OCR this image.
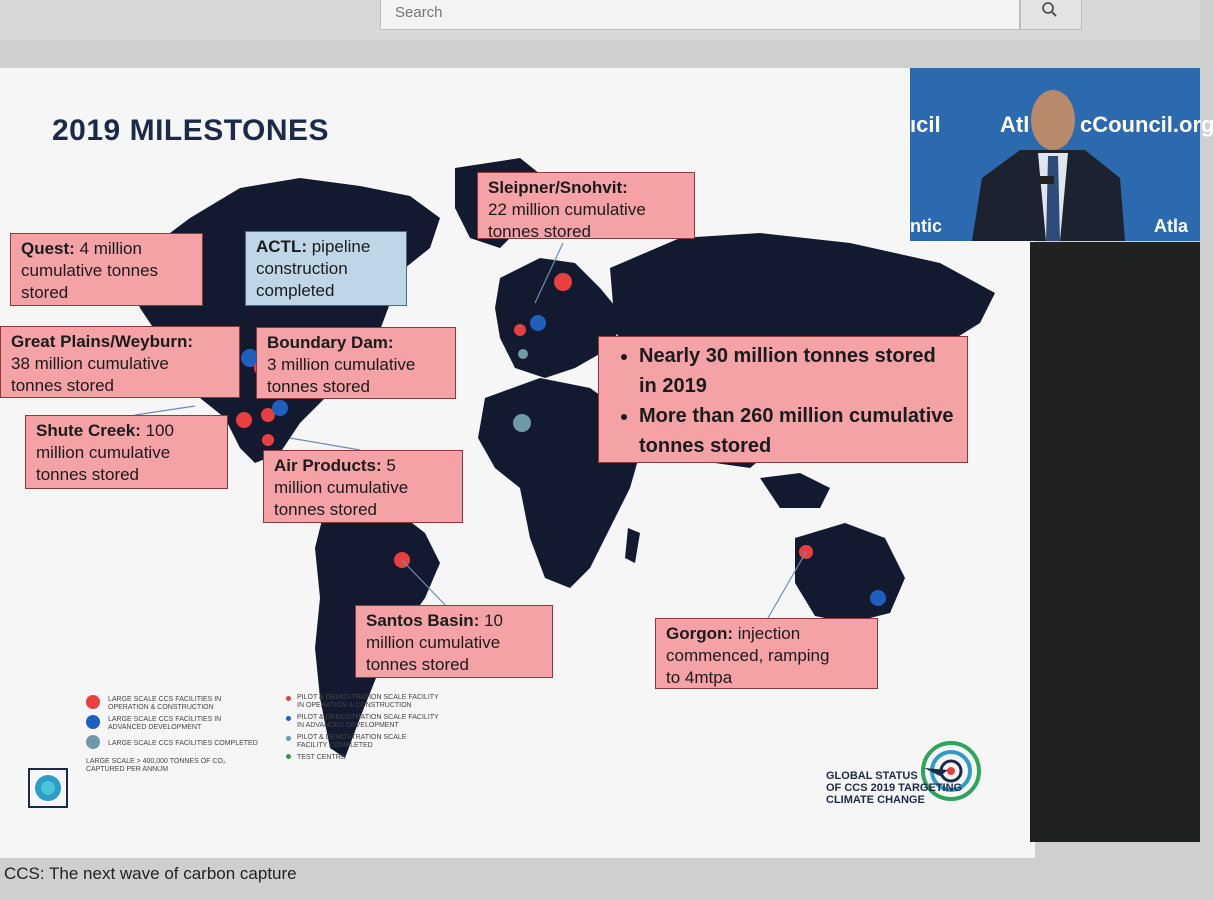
Search
2019 MILESTONES
Sleipner/Snohvit:
22 million cumulative
tonnes stored
Quest: 4 million
cumulative tonnes
stored
ACTL: pipeline
construction
completed
Great Plains/Weyburn:
38 million cumulative
tonnes stored
Boundary Dam:
3 million cumulative
tonnes stored
• Nearly 30 million tonnes stored in 2019
• More than 260 million cumulative tonnes stored
Shute Creek: 100
million cumulative
tonnes stored	Air Products: 5
million cumulative
tonnes stored
Santos Basin: 10
million cumulative
tonnes stored
Gorgon: injection
commenced, ramping
to 4mtpa
LARGE SCALE CCS FACILITIES IN OPERATION & CONSTRUCTION
LARGE SCALE CCS FACILITIES IN ADVANCED DEVELOPMENT
LARGE SCALE CCS FACILITIES COMPLETED
LARGE SCALE > 400,000 TONNES OF CO₂ CAPTURED PER ANNUM
PILOT & DEMOSTRATION SCALE FACILITY IN OPERATION & CONSTRUCTION
PILOT & DEMOSTRATION SCALE FACILITY IN ADVANCED DEVELOPMENT
PILOT & DEMOSTRATION SCALE FACILITY COMPLETED
TEST CENTRE
GLOBAL STATUS
OF CCS 2019 TARGETING
CLIMATE CHANGE
ıcil	Atl cCouncil.org
ntic	Atla
CCS: The next wave of carbon capture
